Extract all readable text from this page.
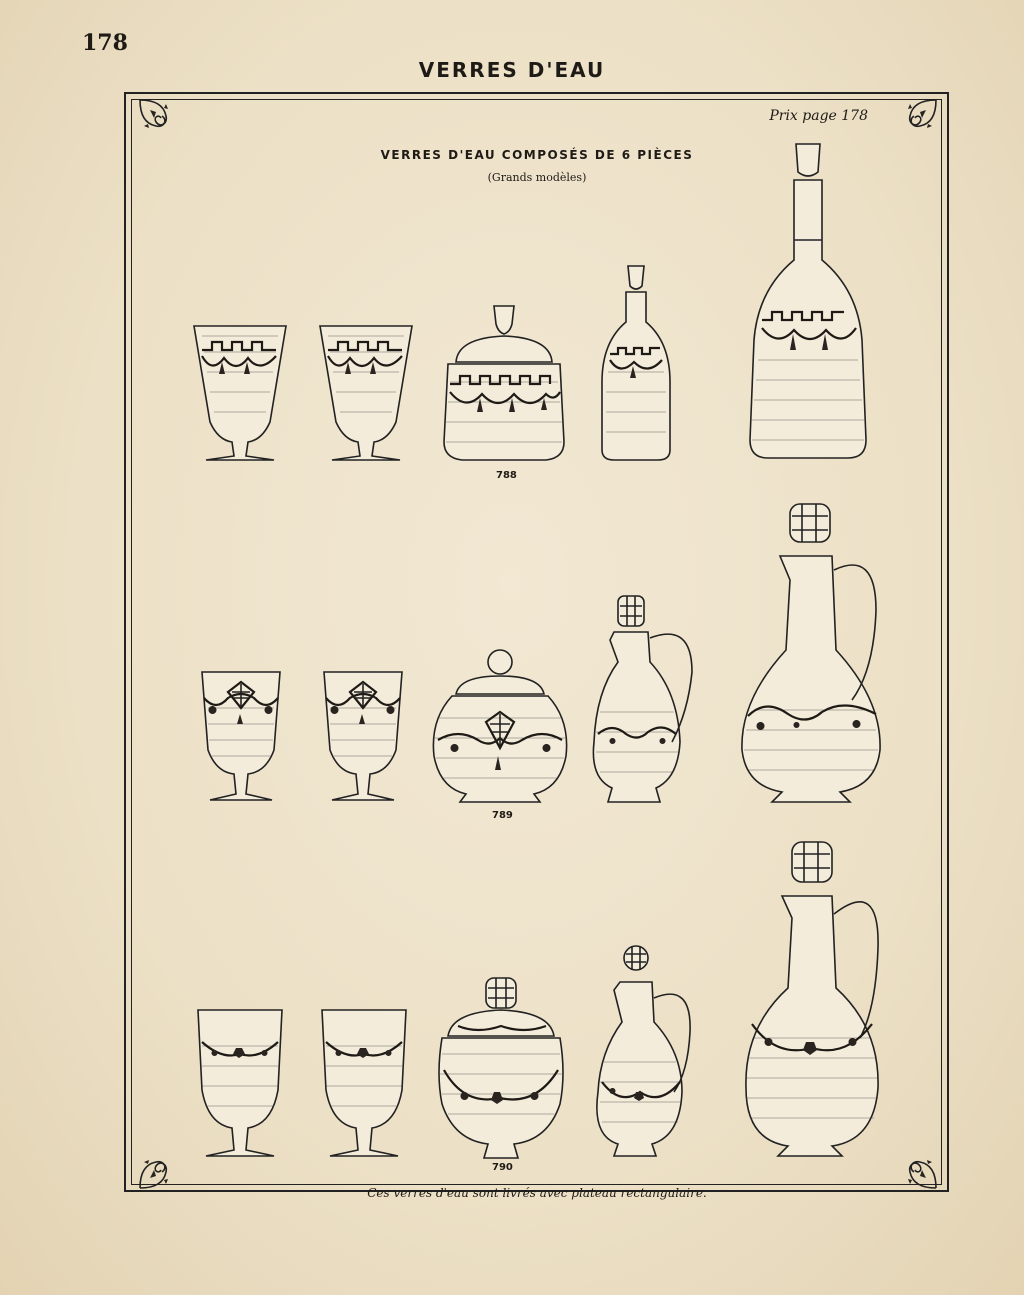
178
VERRES D'EAU
Prix page 178
VERRES D'EAU COMPOSÉS DE 6 PIÈCES
(Grands modèles)
788
789
790
Ces verres d'eau sont livrés avec plateau rectangulaire.
